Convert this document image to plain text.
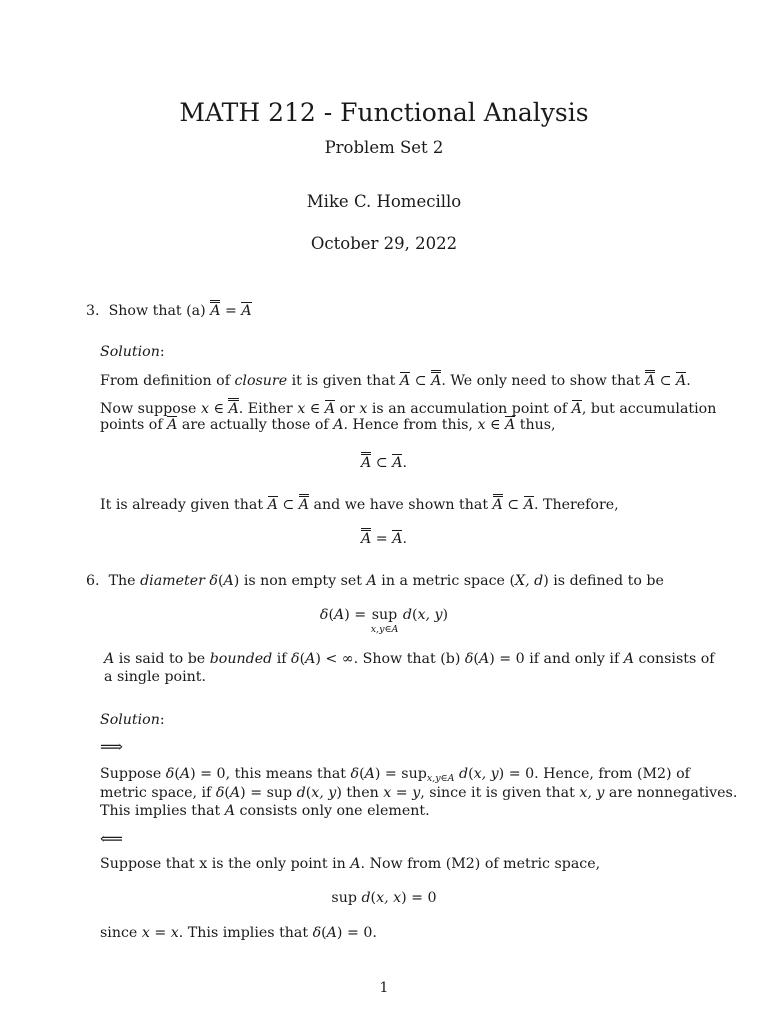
MATH 212 - Functional Analysis
Problem Set 2
Mike C. Homecillo
October 29, 2022
3. Show that (a) A = A
Solution:
From definition of closure it is given that A ⊂ A. We only need to show that A ⊂ A.
Now suppose x ∈ A. Either x ∈ A or x is an accumulation point of A, but accumulation
points of A are actually those of A. Hence from this, x ∈ A thus,
A ⊂ A.
It is already given that A ⊂ A and we have shown that A ⊂ A. Therefore,
A = A.
6. The diameter δ(A) is non empty set A in a metric space (X, d) is defined to be
δ(A) = sup
x,y∈A
d(x, y)
A is said to be bounded if δ(A) < ∞. Show that (b) δ(A) = 0 if and only if A consists of
a single point.
Solution:
⟹
Suppose δ(A) = 0, this means that δ(A) = sup$_{x,y\in A}$ d(x, y) = 0. Hence, from (M2) of
metric space, if δ(A) = sup d(x, y) then x = y, since it is given that x, y are nonnegatives.
This implies that A consists only one element.
⟸
Suppose that x is the only point in A. Now from (M2) of metric space,
sup d(x, x) = 0
since x = x. This implies that δ(A) = 0.
1
